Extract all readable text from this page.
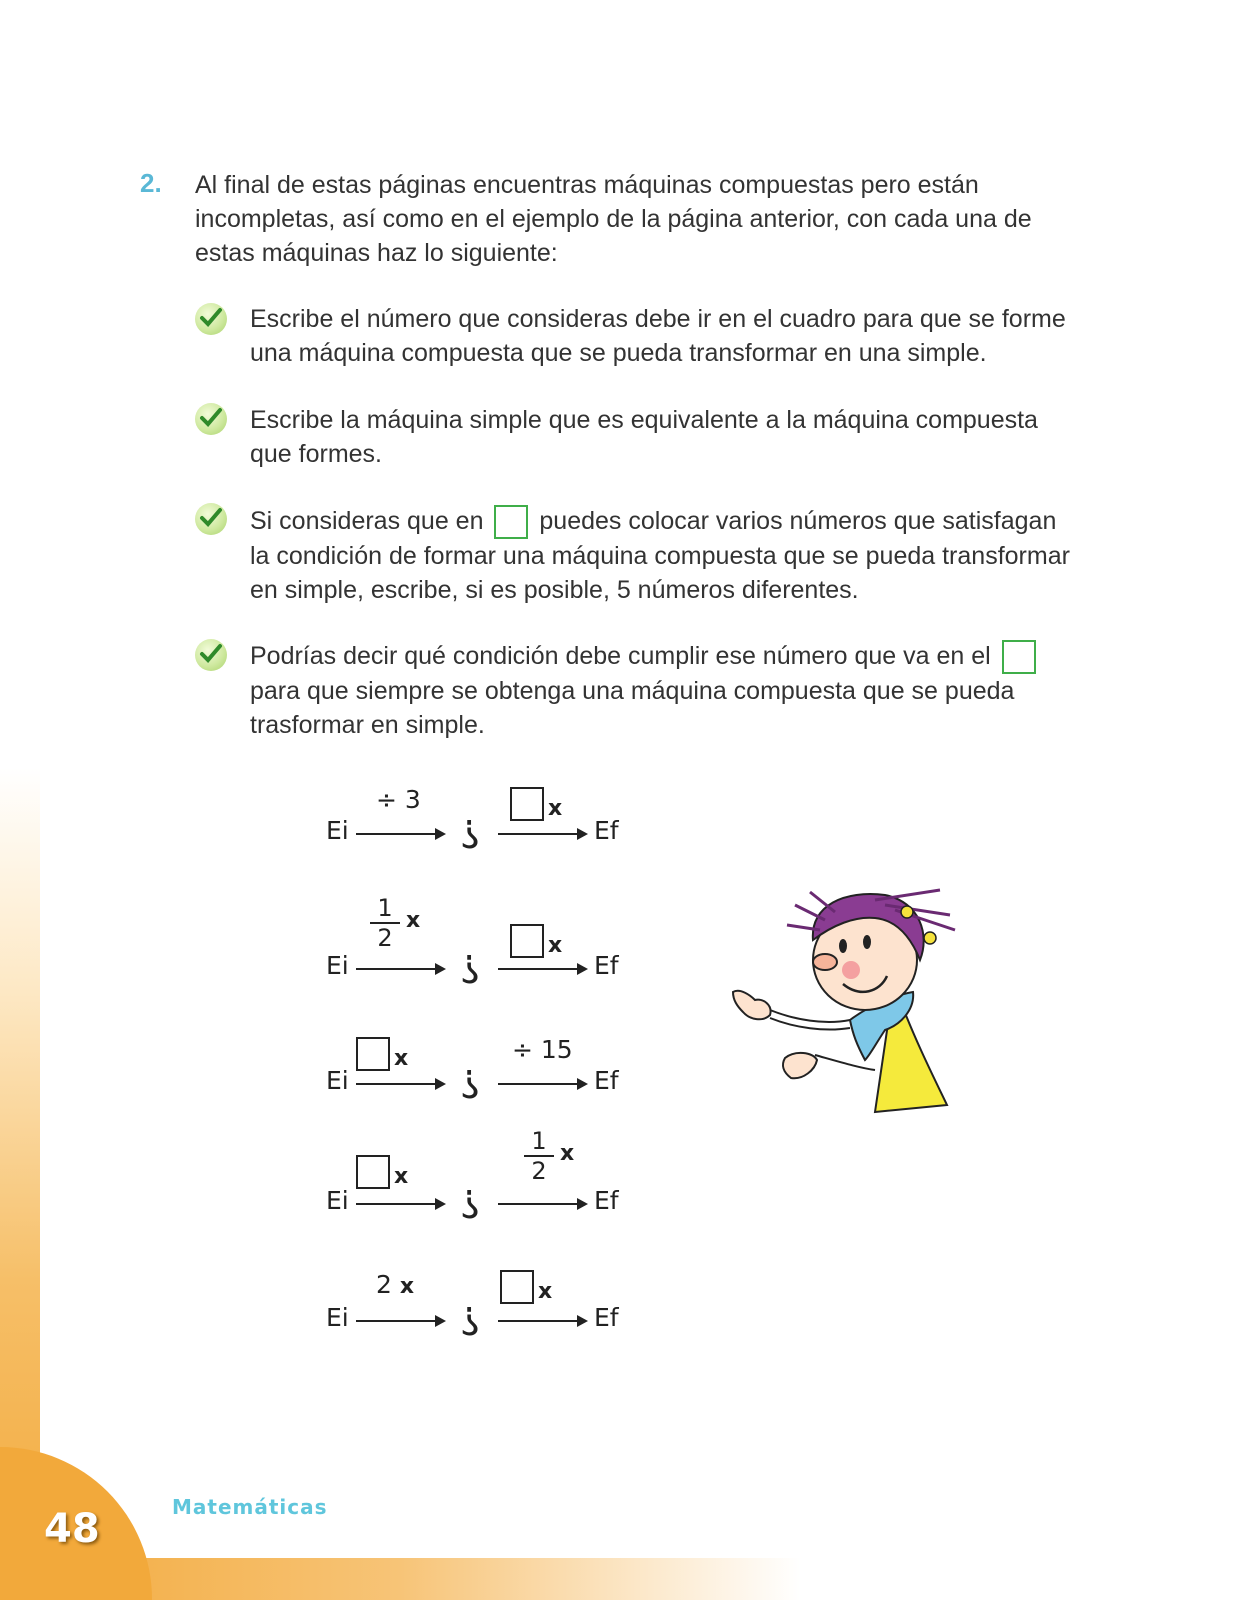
2. Al final de estas páginas encuentras máquinas compuestas pero están incompletas, así como en el ejemplo de la página anterior, con cada una de estas máquinas haz lo siguiente:
Escribe el número que consideras debe ir en el cuadro para que se forme una máquina compuesta que se pueda transformar en una simple.
Escribe la máquina simple que es equivalente a la máquina compuesta que formes.
Si consideras que en puedes colocar varios números que satisfagan la condición de formar una máquina compuesta que se pueda transformar en simple, escribe, si es posible, 5 números diferentes.
Podrías decir qué condición debe cumplir ese número que va en el  para que siempre se obtenga una máquina compuesta que se pueda trasformar en simple.
Ei
÷ 3
?
x
Ef
Ei
$\frac{1}{2}$ x
?
x
Ef
Ei
x
?
÷ 15
Ef
Ei
x
?
$\frac{1}{2}$ x
Ef
Ei
2 x
?
x
Ef
Matemáticas
48
